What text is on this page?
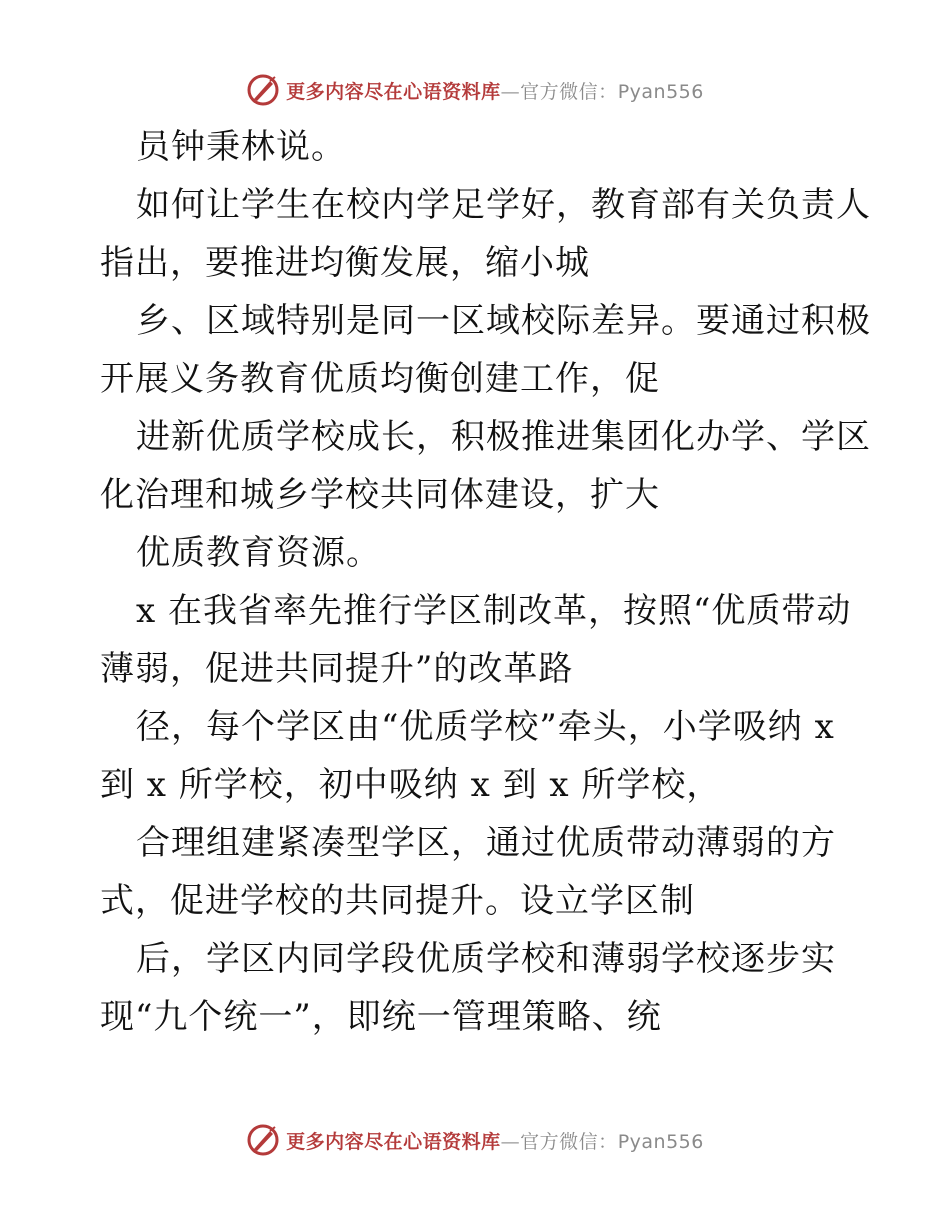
更多内容尽在心语资料库—官方微信：Pyan556
员钟秉林说。
如何让学生在校内学足学好，教育部有关负责人
指出，要推进均衡发展，缩小城
乡、区域特别是同一区域校际差异。要通过积极
开展义务教育优质均衡创建工作，促
进新优质学校成长，积极推进集团化办学、学区
化治理和城乡学校共同体建设，扩大
优质教育资源。
x 在我省率先推行学区制改革，按照“优质带动
薄弱，促进共同提升”的改革路
径，每个学区由“优质学校”牵头，小学吸纳 x
到 x 所学校，初中吸纳 x 到 x 所学校，
合理组建紧凑型学区，通过优质带动薄弱的方
式，促进学校的共同提升。设立学区制
后，学区内同学段优质学校和薄弱学校逐步实
现“九个统一”，即统一管理策略、统
更多内容尽在心语资料库—官方微信：Pyan556
